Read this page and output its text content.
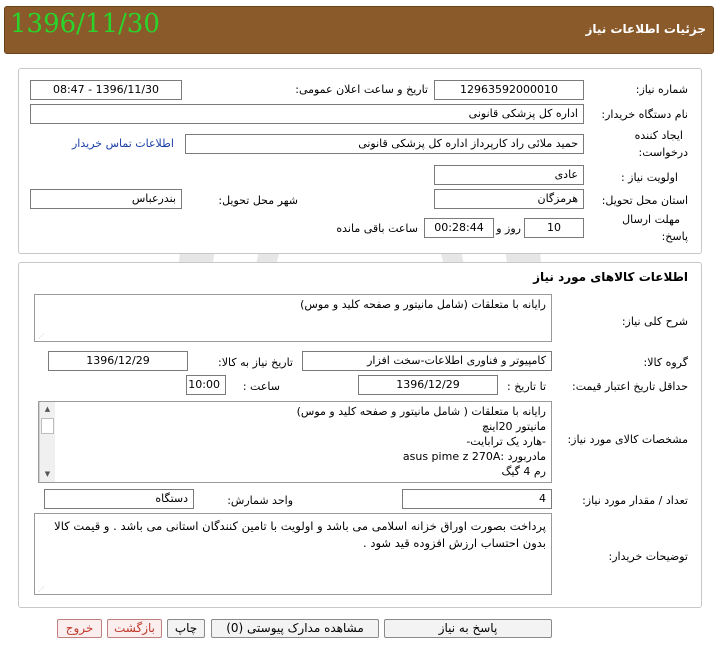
1396/11/30	جزئیات اطلاعات نیاز
شماره نیاز:
12963592000010
تاریخ و ساعت اعلان عمومی:
1396/11/30 - 08:47
نام دستگاه خریدار:
اداره کل پزشکی قانونی
ایجاد کننده
درخواست:
حمید ملائی راد کارپرداز اداره کل پزشکی قانونی
اطلاعات تماس خریدار
اولویت نیاز :
عادی
استان محل تحویل:
هرمزگان
شهر محل تحویل:
بندرعباس
مهلت ارسال
پاسخ:
10
روز و
00:28:44
ساعت باقی مانده
اطلاعات کالاهای مورد نیاز
شرح کلی نیاز:
رایانه با متعلقات (شامل مانیتور و صفحه کلید و موس)
⋰
گروه کالا:
کامپیوتر و فناوری اطلاعات-سخت افزار
تاریخ نیاز به کالا:
1396/12/29
حداقل تاریخ اعتبار قیمت:
تا تاریخ :
1396/12/29
ساعت :
10:00
مشخصات کالای مورد نیاز:
رایانه با متعلقات ( شامل مانیتور و صفحه کلید و موس)
مانیتور 20اینچ
-هارد یک ترابایت-
مادربورد :asus pime z 270A
رم 4 گیگ
▲
▼
تعداد / مقدار مورد نیاز:
4
واحد شمارش:
دستگاه
توضیحات خریدار:
پرداخت بصورت اوراق خزانه اسلامی می باشد و اولویت با تامین کنندگان استانی می باشد . و قیمت کالا بدون احتساب ارزش افزوده قید شود .
⋰
پاسخ به نیاز
مشاهده مدارک پیوستی (0)
چاپ
بازگشت
خروج
